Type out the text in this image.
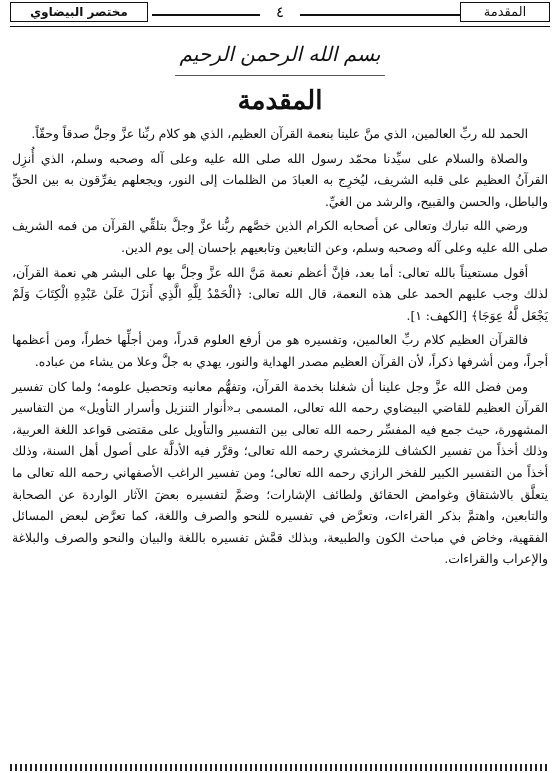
مختصر البيضاوي	٤	المقدمة
بسم الله الرحمن الرحيم
المقدمة

الحمد لله ربِّ العالمين، الذي منَّ علينا بنعمة القرآن العظيم، الذي هو كلام ربِّنا عزَّ وجلَّ صدقاً وحقّاً.

والصلاة والسلام على سيِّدنا محمّد رسول الله صلى الله عليه وعلى آله وصحبه وسلم، الذي أُنزِل القرآنُ العظيم على قلبه الشريف، ليُخرِج به العبادَ من الظلمات إلى النور، ويجعلهم يفرِّقون به بين الحقِّ والباطل، والحسن والقبيح، والرشد من الغيِّ.

ورضي الله تبارك وتعالى عن أصحابه الكرام الذين خصَّهم ربُّنا عزَّ وجلَّ بتلقِّي القرآن من فمه الشريف صلى الله عليه وعلى آله وصحبه وسلم، وعن التابعين وتابعيهم بإحسان إلى يوم الدين.

أقول مستعيناً بالله تعالى: أما بعد، فإنَّ أعظم نعمة مَنَّ الله عزَّ وجلَّ بها على البشر هي نعمة القرآن، لذلك وجب عليهم الحمد على هذه النعمة، قال الله تعالى: ﴿الْحَمْدُ لِلَّهِ الَّذِي أَنزَلَ عَلَىٰ عَبْدِهِ الْكِتَابَ وَلَمْ يَجْعَل لَّهُ عِوَجَا﴾ [الكهف: ١].

فالقرآن العظيم كلام ربِّ العالمين، وتفسيره هو من أرفع العلوم قدراً، ومن أجلِّها خطراً، ومن أعظمها أجراً، ومن أشرفها ذكراً، لأن القرآن العظيم مصدر الهداية والنور، يهدي به جلَّ وعلا من يشاء من عباده.

ومن فضل الله عزَّ وجل علينا أن شغلنا بخدمة القرآن، وتفهُّم معانيه وتحصيل علومه؛ ولما كان تفسير القرآن العظيم للقاضي البيضاوي رحمه الله تعالى، المسمى بـ«أنوار التنزيل وأسرار التأويل» من التفاسير المشهورة، حيث جمع فيه المفسِّر رحمه الله تعالى بين التفسير والتأويل على مقتضى قواعد اللغة العربية، وذلك أخذاً من تفسير الكشاف للزمخشري رحمه الله تعالى؛ وقرَّر فيه الأدلَّة على أصول أهل السنة، وذلك أخذاً من التفسير الكبير للفخر الرازي رحمه الله تعالى؛ ومن تفسير الراغب الأصفهاني رحمه الله تعالى ما يتعلَّق بالاشتقاق وغوامض الحقائق ولطائف الإشارات؛ وضمَّ لتفسيره بعضَ الآثار الواردة عن الصحابة والتابعين، واهتمَّ بذكر القراءات، وتعرَّض في تفسيره للنحو والصرف واللغة، كما تعرَّض لبعض المسائل الفقهية، وخاض في مباحث الكون والطبيعة، وبذلك قمَّش تفسيره باللغة والبيان والنحو والصرف والبلاغة والإعراب والقراءات.
